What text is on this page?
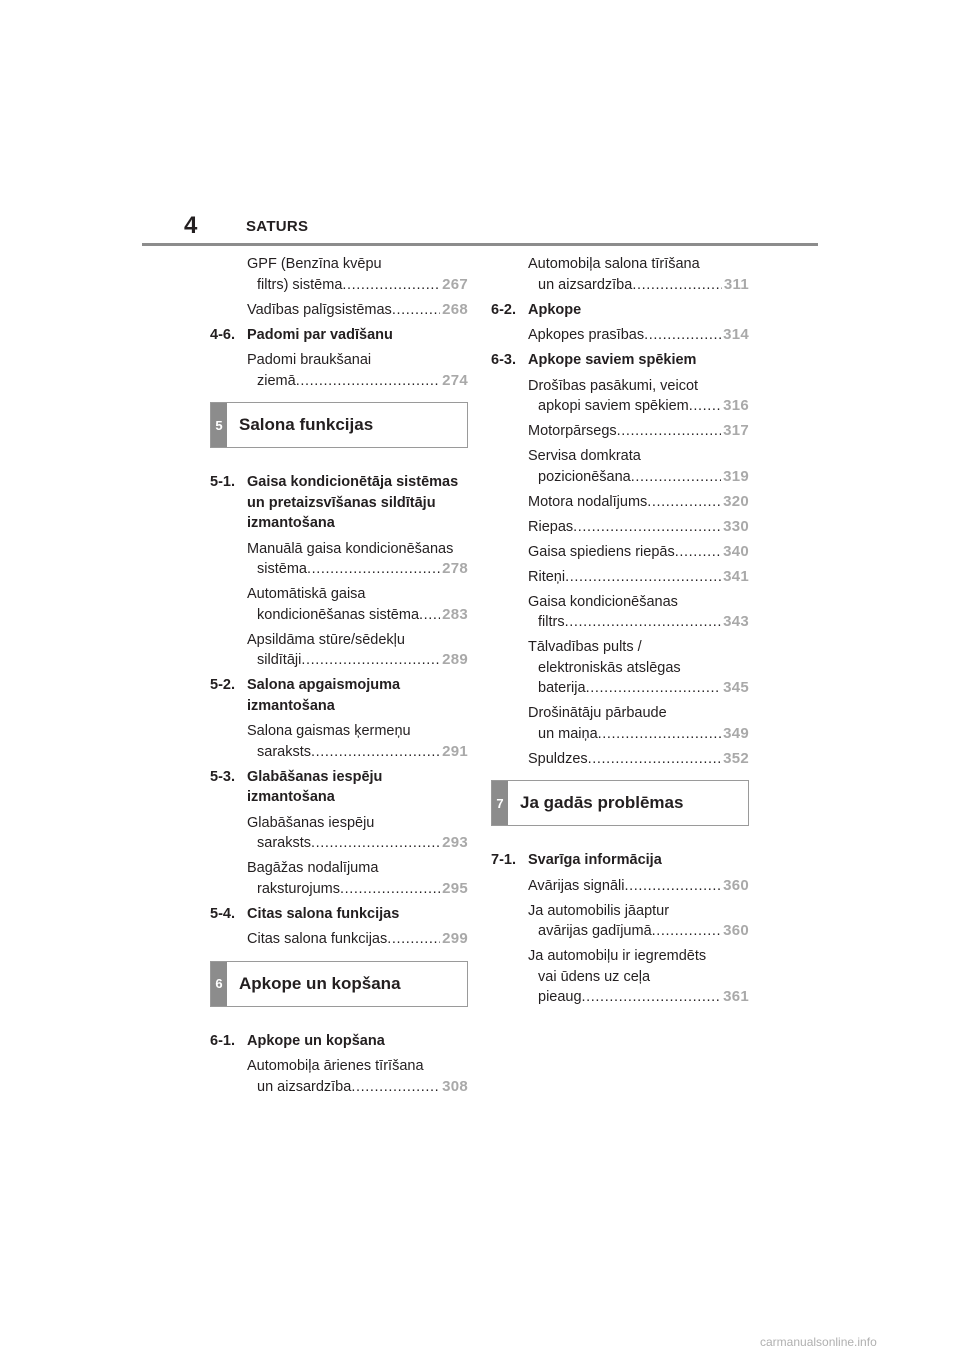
4	SATURS
GPF (Benzīna kvēpu
filtrs) sistēma .....	267
Vadības palīgsistēmas .....	268
4-6. Padomi par vadīšanu
Padomi braukšanai
ziemā .....	274
5 Salona funkcijas
5-1. Gaisa kondicionētāja sistēmas un pretaizsvīšanas sildītāju izmantošana
Manuālā gaisa kondicionēšanas
sistēma .....	278
Automātiskā gaisa
kondicionēšanas sistēma ..... 283
Apsildāma stūre/sēdekļu
sildītāji .....	289
5-2. Salona apgaismojuma izmantošana
Salona gaismas ķermeņu
saraksts .....	291
5-3. Glabāšanas iespēju izmantošana
Glabāšanas iespēju
saraksts .....	293
Bagāžas nodalījuma
raksturojums .....	295
5-4. Citas salona funkcijas
Citas salona funkcijas .....	299
6 Apkope un kopšana
6-1. Apkope un kopšana
Automobiļa ārienes tīrīšana
un aizsardzība .....	308
Automobiļa salona tīrīšana
un aizsardzība .....	311
6-2. Apkope
Apkopes prasības .....	314
6-3. Apkope saviem spēkiem
Drošības pasākumi, veicot
apkopi saviem spēkiem ..... 316
Motorpārsegs .....	317
Servisa domkrata
pozicionēšana .....	319
Motora nodalījums .....	320
Riepas .....	330
Gaisa spiediens riepās .....	340
Riteņi .....	341
Gaisa kondicionēšanas
filtrs .....	343
Tālvadības pults /
elektroniskās atslēgas
baterija .....	345
Drošinātāju pārbaude
un maiņa .....	349
Spuldzes .....	352
7 Ja gadās problēmas
7-1. Svarīga informācija
Avārijas signāli .....	360
Ja automobilis jāaptur
avārijas gadījumā .....	360
Ja automobiļu ir iegremdēts
vai ūdens uz ceļa
pieaug .....	361
carmanualsonline.info
